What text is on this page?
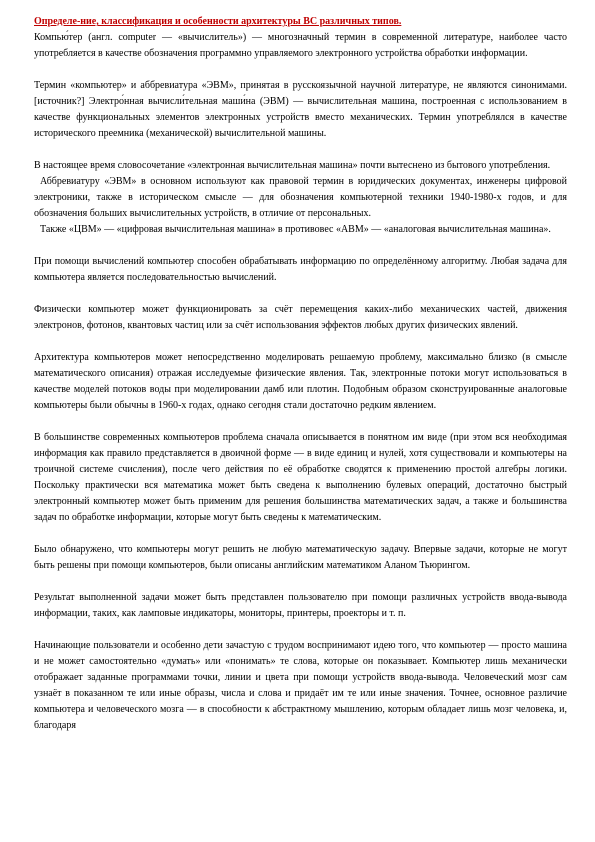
Определе-ние, классификация и особенности архитектуры ВС различных типов.

Компью́тер (англ. computer — «вычислитель») — многозначный термин в современной литературе, наиболее часто употребляется в качестве обозначения программно управляемого электронного устройства обработки информации.

Термин «компьютер» и аббревиатура «ЭВМ», принятая в русскоязычной научной литературе, не являются синонимами.[источник?] Электро́нная вычисли́тельная маши́на (ЭВМ) — вычислительная машина, построенная с использованием в качестве функциональных элементов электронных устройств вместо механических. Термин употреблялся в качестве исторического преемника (механической) вычислительной машины.

В настоящее время словосочетание «электронная вычислительная машина» почти вытеснено из бытового употребления.

Аббревиатуру «ЭВМ» в основном используют как правовой термин в юридических документах, инженеры цифровой электроники, также в историческом смысле — для обозначения компьютерной техники 1940-1980-х годов, и для обозначения больших вычислительных устройств, в отличие от персональных.

Также «ЦВМ» — «цифровая вычислительная машина» в противовес «АВМ» — «аналоговая вычислительная машина».

При помощи вычислений компьютер способен обрабатывать информацию по определённому алгоритму. Любая задача для компьютера является последовательностью вычислений.

Физически компьютер может функционировать за счёт перемещения каких-либо механических частей, движения электронов, фотонов, квантовых частиц или за счёт использования эффектов любых других физических явлений.

Архитектура компьютеров может непосредственно моделировать решаемую проблему, максимально близко (в смысле математического описания) отражая исследуемые физические явления. Так, электронные потоки могут использоваться в качестве моделей потоков воды при моделировании дамб или плотин. Подобным образом сконструированные аналоговые компьютеры были обычны в 1960-х годах, однако сегодня стали достаточно редким явлением.

В большинстве современных компьютеров проблема сначала описывается в понятном им виде (при этом вся необходимая информация как правило представляется в двоичной форме — в виде единиц и нулей, хотя существовали и компьютеры на троичной системе счисления), после чего действия по её обработке сводятся к применению простой алгебры логики. Поскольку практически вся математика может быть сведена к выполнению булевых операций, достаточно быстрый электронный компьютер может быть применим для решения большинства математических задач, а также и большинства задач по обработке информации, которые могут быть сведены к математическим.

Было обнаружено, что компьютеры могут решить не любую математическую задачу. Впервые задачи, которые не могут быть решены при помощи компьютеров, были описаны английским математиком Аланом Тьюрингом.

Результат выполненной задачи может быть представлен пользователю при помощи различных устройств ввода-вывода информации, таких, как ламповые индикаторы, мониторы, принтеры, проекторы и т. п.

Начинающие пользователи и особенно дети зачастую с трудом воспринимают идею того, что компьютер — просто машина и не может самостоятельно «думать» или «понимать» те слова, которые он показывает. Компьютер лишь механически отображает заданные программами точки, линии и цвета при помощи устройств ввода-вывода. Человеческий мозг сам узнаёт в показанном те или иные образы, числа и слова и придаёт им те или иные значения. Точнее, основное различие компьютера и человеческого мозга — в способности к абстрактному мышлению, которым обладает лишь мозг человека, и, благодаря
